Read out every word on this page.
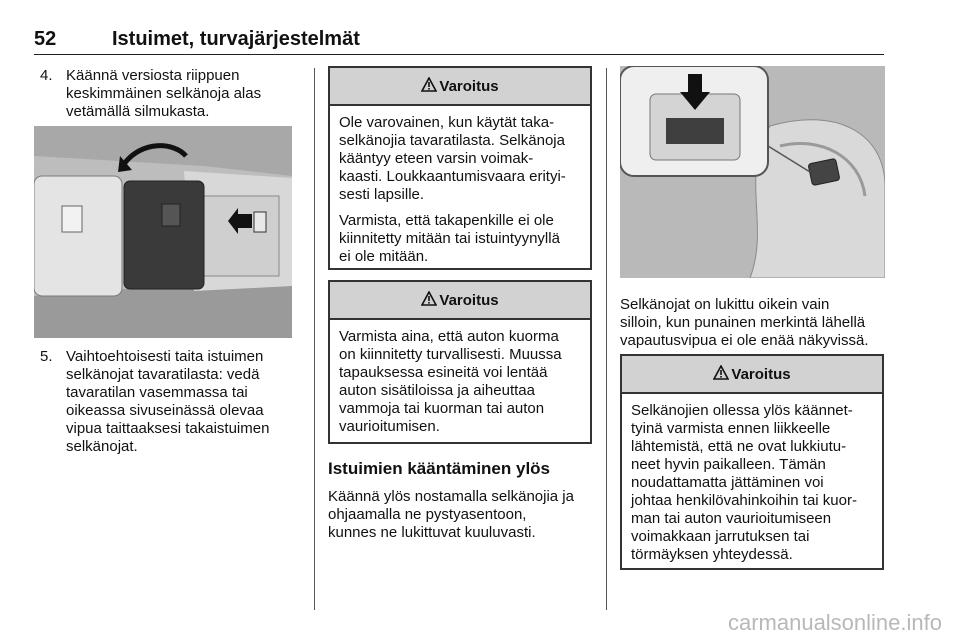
52	Istuimet, turvajärjestelmät
4. Käännä versiosta riippuen
keskimmäinen selkänoja alas
vetämällä silmukasta.
5. Vaihtoehtoisesti taita istuimen
selkänojat tavaratilasta: vedä
tavaratilan vasemmassa tai
oikeassa sivuseinässä olevaa
vipua taittaaksesi takaistuimen
selkänojat.
Varoitus

Ole varovainen, kun käytät taka-
selkänojia tavaratilasta. Selkänoja
kääntyy eteen varsin voimak-
kaasti. Loukkaantumisvaara erityi-
sesti lapsille.

Varmista, että takapenkille ei ole
kiinnitetty mitään tai istuintyynyllä
ei ole mitään.

Varoitus

Varmista aina, että auton kuorma
on kiinnitetty turvallisesti. Muussa
tapauksessa esineitä voi lentää
auton sisätiloissa ja aiheuttaa
vammoja tai kuorman tai auton
vaurioitumisen.

Istuimien kääntäminen ylös
Käännä ylös nostamalla selkänojia ja
ohjaamalla ne pystyasentoon,
kunnes ne lukittuvat kuuluvasti.
Selkänojat on lukittu oikein vain
silloin, kun punainen merkintä lähellä
vapautusvipua ei ole enää näkyvissä.
Varoitus

Selkänojien ollessa ylös käännet-
tyinä varmista ennen liikkeelle
lähtemistä, että ne ovat lukkiutu-
neet hyvin paikalleen. Tämän
noudattamatta jättäminen voi
johtaa henkilövahinkoihin tai kuor-
man tai auton vaurioitumiseen
voimakkaan jarrutuksen tai
törmäyksen yhteydessä.

carmanualsonline.info
